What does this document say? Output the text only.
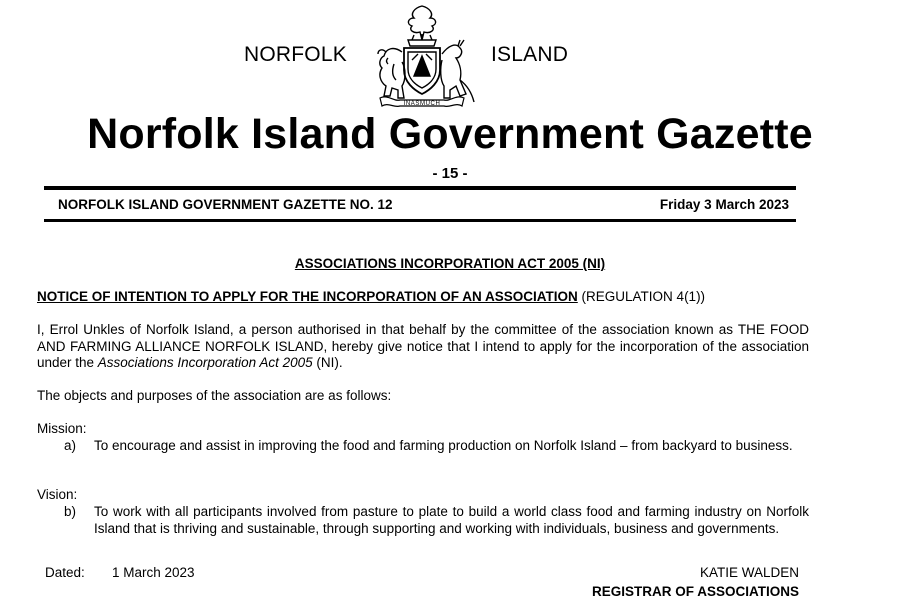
NORFOLK	ISLAND
INASMUCH
Norfolk Island Government Gazette
- 15 -
NORFOLK ISLAND GOVERNMENT GAZETTE NO. 12	Friday 3 March 2023
ASSOCIATIONS INCORPORATION ACT 2005 (NI)
NOTICE OF INTENTION TO APPLY FOR THE INCORPORATION OF AN ASSOCIATION (REGULATION 4(1))
I, Errol Unkles of Norfolk Island, a person authorised in that behalf by the committee of the association known as THE FOOD AND FARMING ALLIANCE NORFOLK ISLAND, hereby give notice that I intend to apply for the incorporation of the association under the Associations Incorporation Act 2005 (NI).
The objects and purposes of the association are as follows:
Mission:
a) To encourage and assist in improving the food and farming production on Norfolk Island – from backyard to business.
Vision:
b) To work with all participants involved from pasture to plate to build a world class food and farming industry on Norfolk Island that is thriving and sustainable, through supporting and working with individuals, business and governments.
Dated: 1 March 2023	KATIE WALDEN
REGISTRAR OF ASSOCIATIONS
